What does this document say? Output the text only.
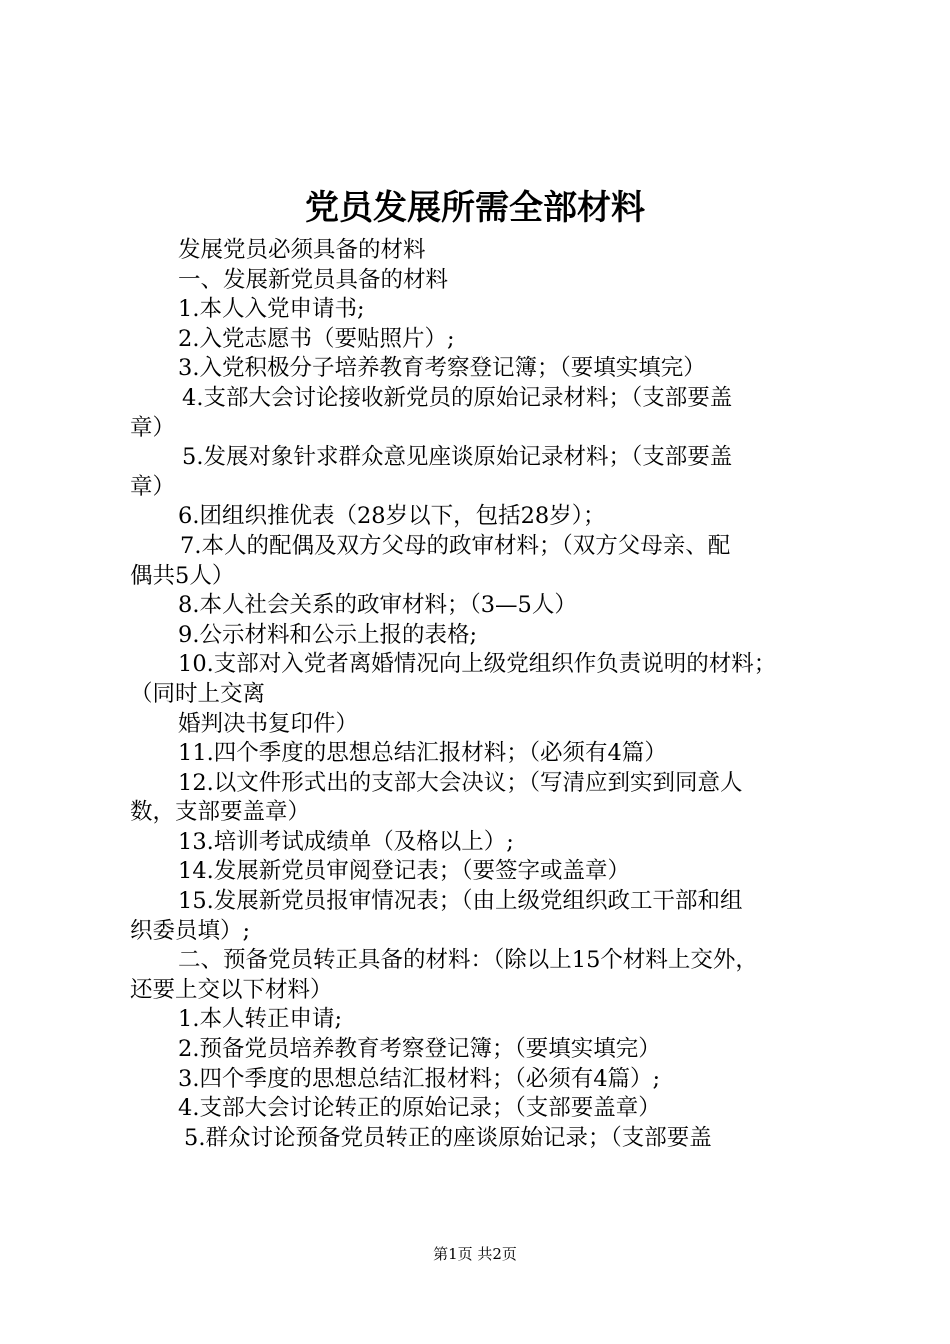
党员发展所需全部材料
发展党员必须具备的材料
一、发展新党员具备的材料
1.本人入党申请书;
2.入党志愿书（要贴照片）;
3.入党积极分子培养教育考察登记簿；（要填实填完）
4.支部大会讨论接收新党员的原始记录材料；（支部要盖
章）
5.发展对象针求群众意见座谈原始记录材料；（支部要盖
章）
6.团组织推优表（28岁以下，包括28岁）；
7.本人的配偶及双方父母的政审材料；（双方父母亲、配
偶共5人）
8.本人社会关系的政审材料；（3—5人）
9.公示材料和公示上报的表格;
10.支部对入党者离婚情况向上级党组织作负责说明的材料；
（同时上交离
婚判决书复印件）
11.四个季度的思想总结汇报材料；（必须有4篇）
12.以文件形式出的支部大会决议；（写清应到实到同意人
数，支部要盖章）
13.培训考试成绩单（及格以上）;
14.发展新党员审阅登记表；（要签字或盖章）
15.发展新党员报审情况表；（由上级党组织政工干部和组
织委员填）;
二、预备党员转正具备的材料：（除以上15个材料上交外，
还要上交以下材料）
1.本人转正申请;
2.预备党员培养教育考察登记簿；（要填实填完）
3.四个季度的思想总结汇报材料；（必须有4篇）;
4.支部大会讨论转正的原始记录；（支部要盖章）
5.群众讨论预备党员转正的座谈原始记录；（支部要盖
第1页 共2页
